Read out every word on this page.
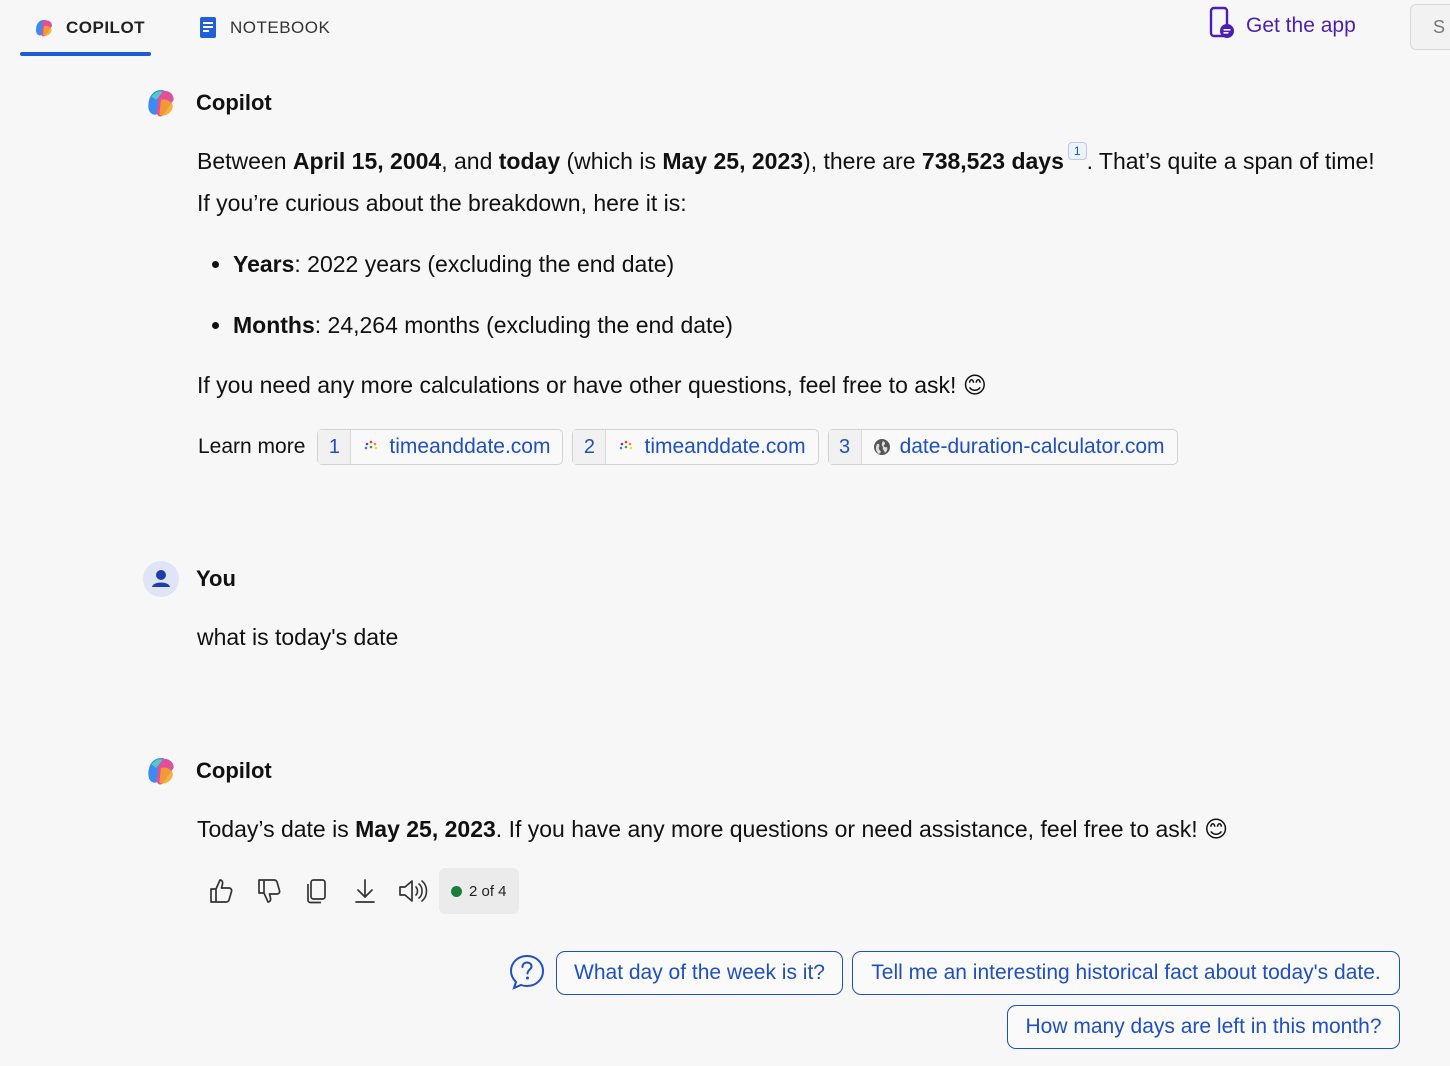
COPILOT	NOTEBOOK	Get the app	S
Copilot
Between April 15, 2004, and today (which is May 25, 2023), there are 738,523 days 1 . That’s quite a span of time!
If you’re curious about the breakdown, here it is:
Years : 2022 years (excluding the end date)
Months : 24,264 months (excluding the end date)
If you need any more calculations or have other questions, feel free to ask! 😊
Learn more	1	timeanddate.com	2	timeanddate.com	3	date-duration-calculator.com
You
what is today's date
Copilot
Today’s date is May 25, 2023. If you have any more questions or need assistance, feel free to ask! 😊
2 of 4
What day of the week is it?	Tell me an interesting historical fact about today's date.
How many days are left in this month?
